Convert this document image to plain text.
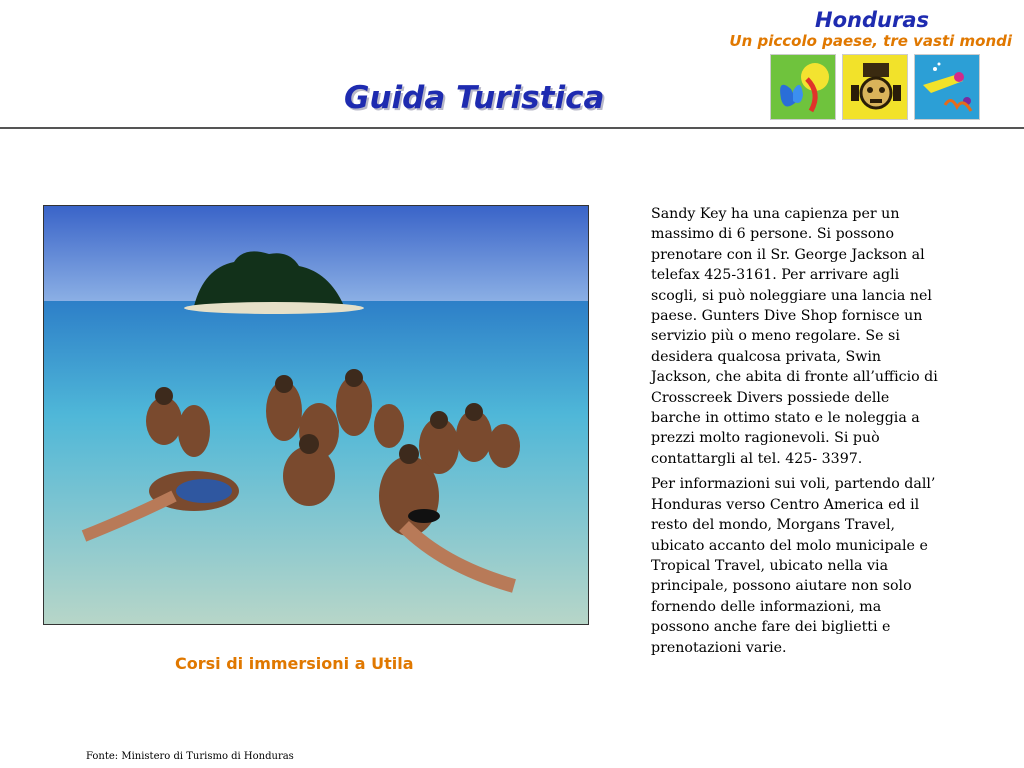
Honduras
Un piccolo paese, tre vasti mondi
Guida Turistica
Corsi di immersioni a Utila

Sandy Key ha una capienza per un massimo di 6 persone. Si possono prenotare con il Sr. George Jackson al telefax 425-3161. Per arrivare agli scogli, si può noleggiare una lancia nel paese. Gunters Dive Shop fornisce un servizio più o meno regolare. Se si desidera qualcosa privata, Swin Jackson, che abita di fronte all’ufficio di Crosscreek Divers possiede delle barche in ottimo stato e le noleggia a prezzi molto ragionevoli. Si può contattargli al tel. 425- 3397.

Per informazioni sui voli, partendo dall’ Honduras verso Centro America ed il resto del mondo, Morgans Travel, ubicato accanto del molo municipale e Tropical Travel, ubicato nella via principale, possono aiutare non solo fornendo delle informazioni, ma possono anche fare dei biglietti e prenotazioni varie.

Fonte: Ministero di Turismo di Honduras
